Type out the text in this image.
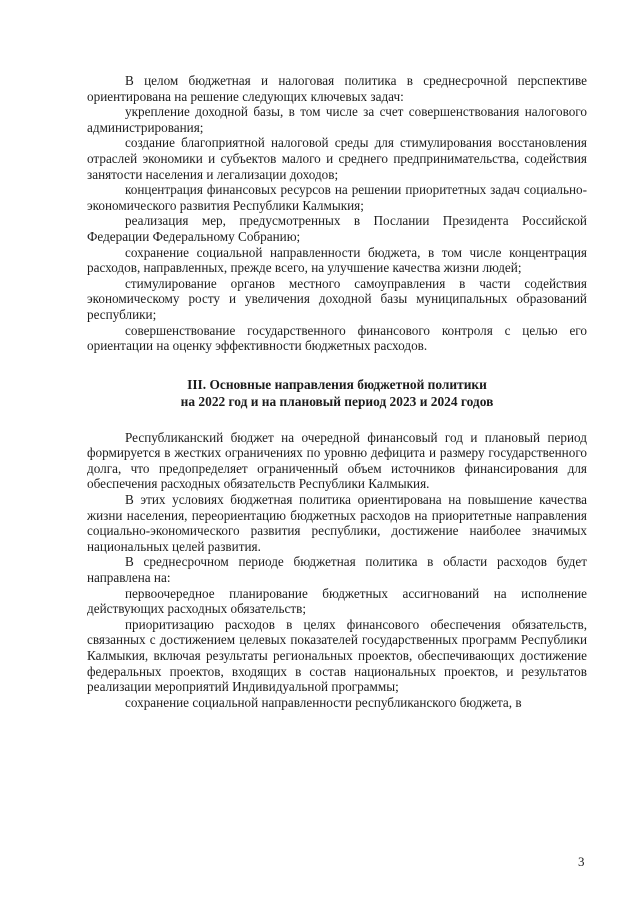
В целом бюджетная и налоговая политика в среднесрочной перспективе ориентирована на решение следующих ключевых задач:

укрепление доходной базы, в том числе за счет совершенствования налогового администрирования;

создание благоприятной налоговой среды для стимулирования восстановления отраслей экономики и субъектов малого и среднего предпринимательства, содействия занятости населения и легализации доходов;

концентрация финансовых ресурсов на решении приоритетных задач социально-экономического развития Республики Калмыкия;

реализация мер, предусмотренных в Послании Президента Российской Федерации Федеральному Собранию;

сохранение социальной направленности бюджета, в том числе концентрация расходов, направленных, прежде всего, на улучшение качества жизни людей;

стимулирование органов местного самоуправления в части содействия экономическому росту и увеличения доходной базы муниципальных образований республики;

совершенствование государственного финансового контроля с целью его ориентации на оценку эффективности бюджетных расходов.

III. Основные направления бюджетной политики
на 2022 год и на плановый период 2023 и 2024 годов

Республиканский бюджет на очередной финансовый год и плановый период формируется в жестких ограничениях по уровню дефицита и размеру государственного долга, что предопределяет ограниченный объем источников финансирования для обеспечения расходных обязательств Республики Калмыкия.

В этих условиях бюджетная политика ориентирована на повышение качества жизни населения, переориентацию бюджетных расходов на приоритетные направления социально-экономического развития республики, достижение наиболее значимых национальных целей развития.

В среднесрочном периоде бюджетная политика в области расходов будет направлена на:

первоочередное планирование бюджетных ассигнований на исполнение действующих расходных обязательств;

приоритизацию расходов в целях финансового обеспечения обязательств, связанных с достижением целевых показателей государственных программ Республики Калмыкия, включая результаты региональных проектов, обеспечивающих достижение федеральных проектов, входящих в состав национальных проектов, и результатов реализации мероприятий Индивидуальной программы;

сохранение социальной направленности республиканского бюджета, в

3
